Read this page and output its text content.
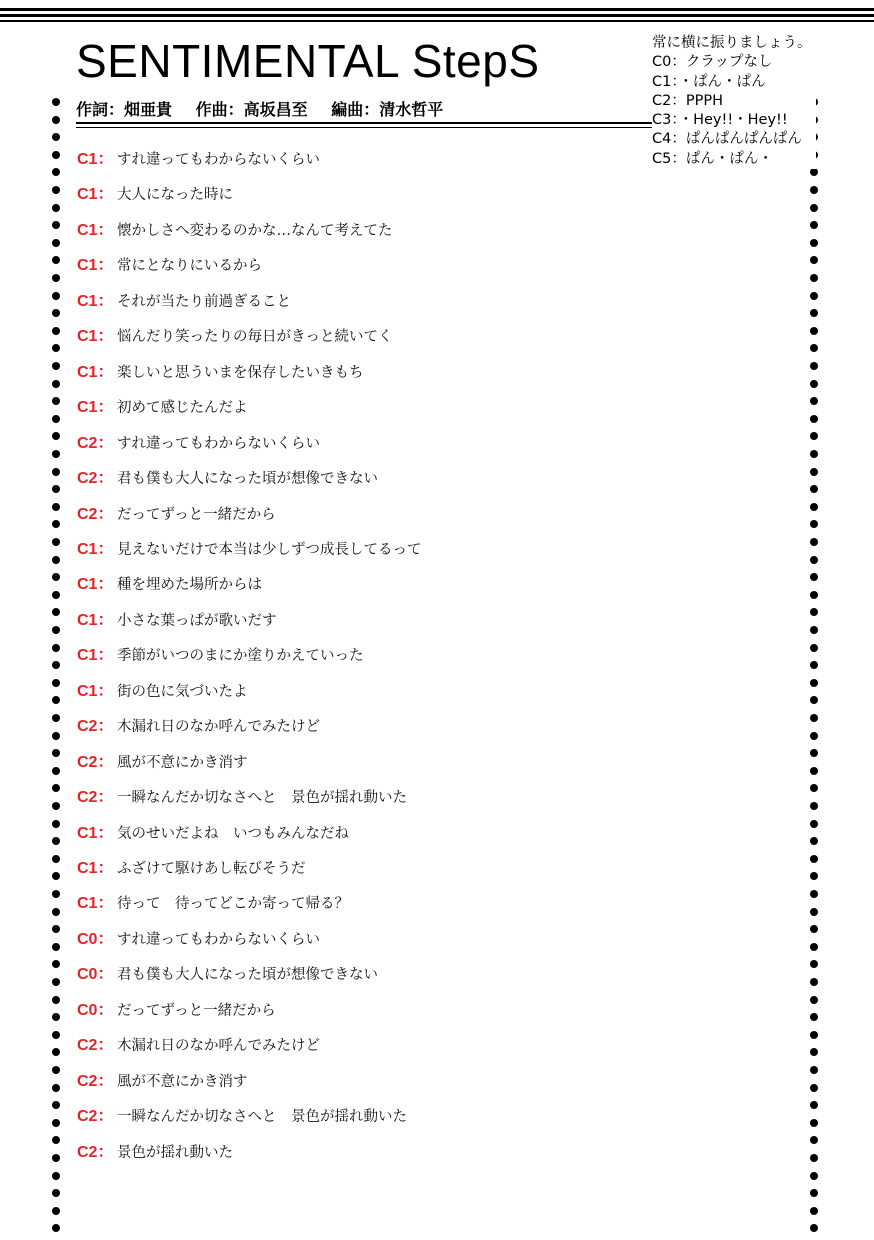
SENTIMENTAL StepS
作詞：畑亜貴 作曲：高坂昌至 編曲：清水哲平
常に横に振りましょう。
C0：クラップなし
C1：・ぱん・ぱん
C2：PPPH
C3：・Hey!!・Hey!!
C4：ぱんぱんぱんぱん
C5：ぱん・ぱん・
C1： すれ違ってもわからないくらい
C1： 大人になった時に
C1： 懐かしさへ変わるのかな…なんて考えてた
C1： 常にとなりにいるから
C1： それが当たり前過ぎること
C1： 悩んだり笑ったりの毎日がきっと続いてく
C1： 楽しいと思ういまを保存したいきもち
C1： 初めて感じたんだよ
C2： すれ違ってもわからないくらい
C2： 君も僕も大人になった頃が想像できない
C2： だってずっと一緒だから
C1： 見えないだけで本当は少しずつ成長してるって
C1： 種を埋めた場所からは
C1： 小さな葉っぱが歌いだす
C1： 季節がいつのまにか塗りかえていった
C1： 街の色に気づいたよ
C2： 木漏れ日のなか呼んでみたけど
C2： 風が不意にかき消す
C2： 一瞬なんだか切なさへと　景色が揺れ動いた
C1： 気のせいだよね　いつもみんなだね
C1： ふざけて駆けあし転びそうだ
C1： 待って　待ってどこか寄って帰る？
C0： すれ違ってもわからないくらい
C0： 君も僕も大人になった頃が想像できない
C0： だってずっと一緒だから
C2： 木漏れ日のなか呼んでみたけど
C2： 風が不意にかき消す
C2： 一瞬なんだか切なさへと　景色が揺れ動いた
C2： 景色が揺れ動いた
